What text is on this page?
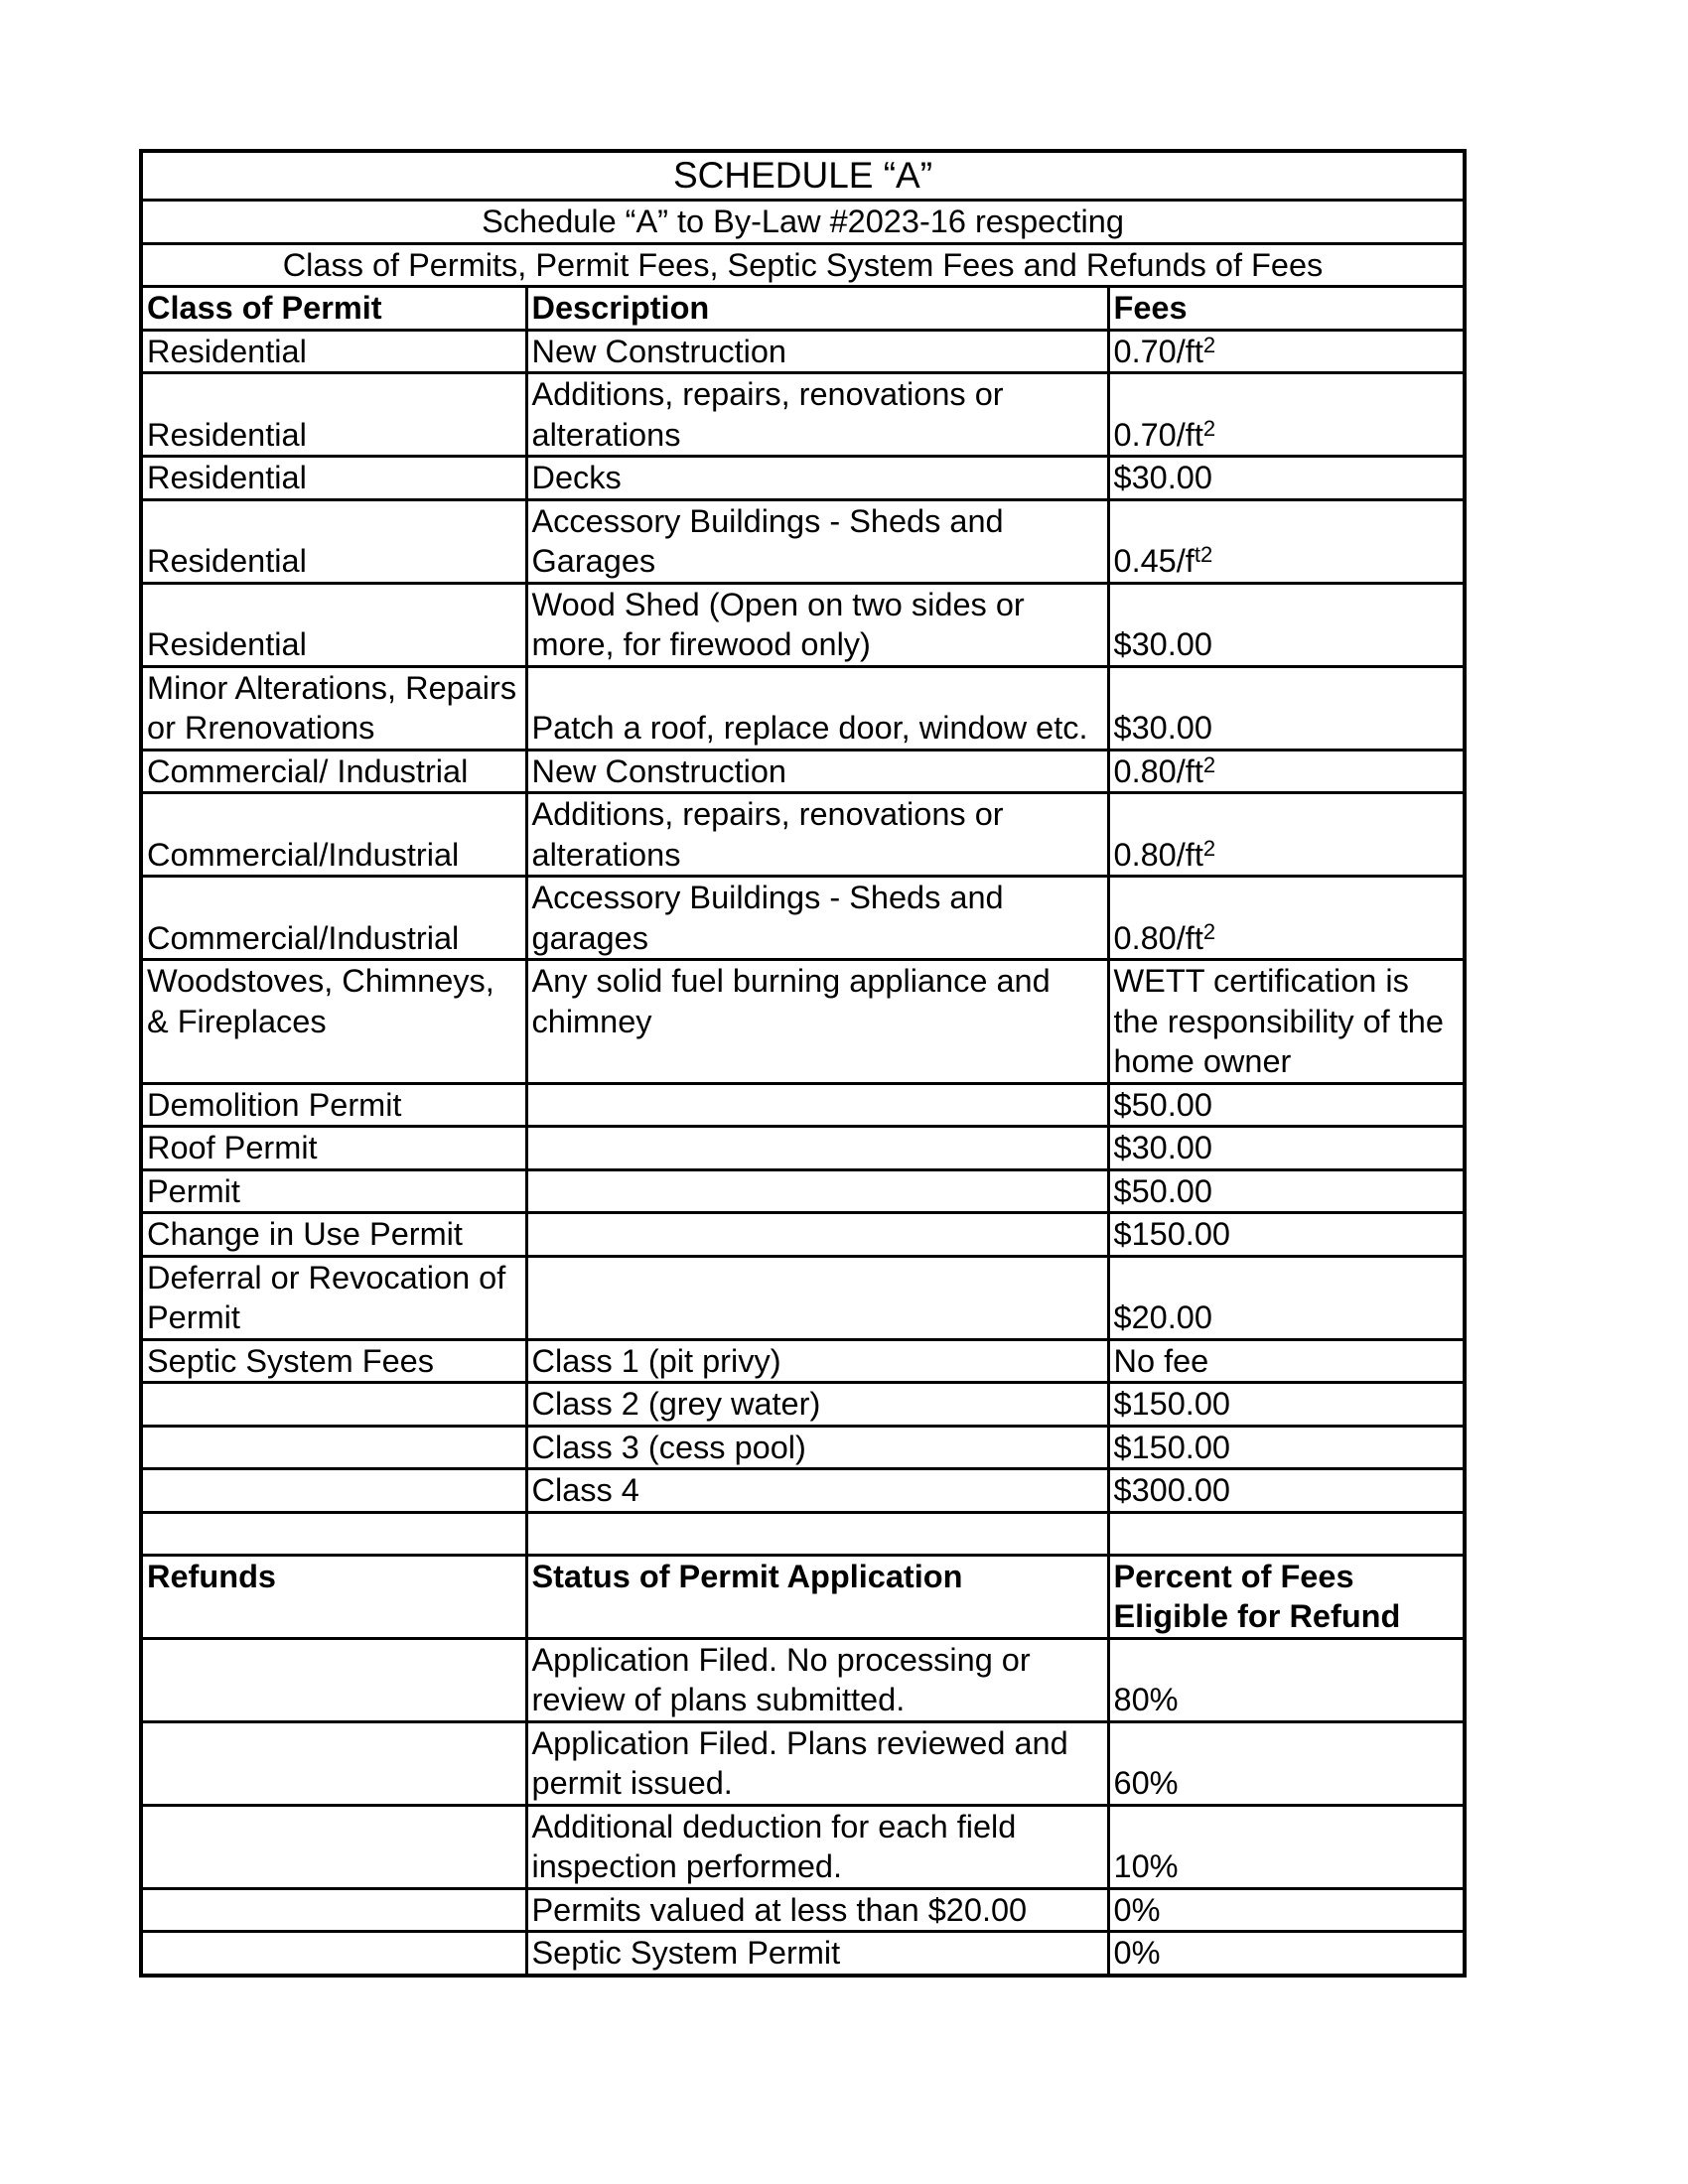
SCHEDULE “A”		
Schedule “A” to By-Law #2023-16 respecting		
Class of Permits, Permit Fees, Septic System Fees and Refunds of Fees		
Class of Permit	Description	Fees
Residential	New Construction	$0.70/ft^2$
Residential	Additions, repairs, renovations or alterations	$0.70/ft^2$
Residential	Decks	$30.00
Residential	Accessory Buildings - Sheds and Garages	$0.45/f^{t2}$
Residential	Wood Shed (Open on two sides or more, for firewood only)	$30.00
Minor Alterations, Repairs or Rrenovations	Patch a roof, replace door, window etc.	$30.00
Commercial/ Industrial	New Construction	$0.80/ft^2$
Commercial/Industrial	Additions, repairs, renovations or alterations	$0.80/ft^2$
Commercial/Industrial	Accessory Buildings - Sheds and garages	$0.80/ft^2$
Woodstoves, Chimneys, & Fireplaces	Any solid fuel burning appliance and chimney	WETT certification is the responsibility of the home owner
Demolition Permit		$50.00
Roof Permit		$30.00
Permit		$50.00
Change in Use Permit		$150.00
Deferral or Revocation of Permit		$20.00
Septic System Fees	Class 1 (pit privy)	No fee
	Class 2 (grey water)	$150.00
	Class 3 (cess pool)	$150.00
	Class 4	$300.00

Refunds	Status of Permit Application	Percent of Fees Eligible for Refund
	Application Filed. No processing or review of plans submitted.	80%
	Application Filed. Plans reviewed and permit issued.	60%
	Additional deduction for each field inspection performed.	10%
	Permits valued at less than $20.00	0%
	Septic System Permit	0%
